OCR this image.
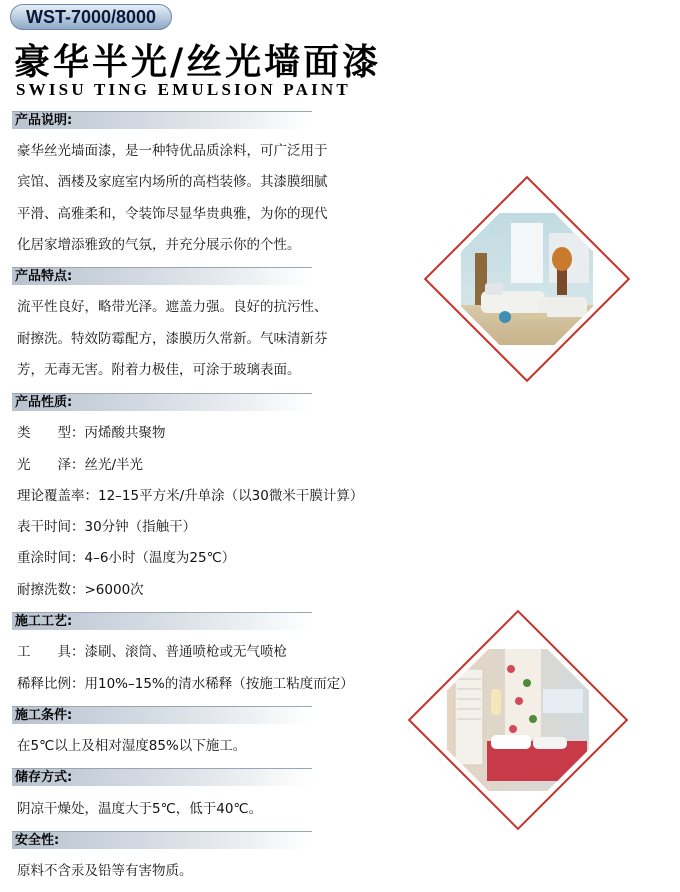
WST-7000/8000
豪华半光/丝光墙面漆
SWISU TING EMULSION PAINT
产品说明:
豪华丝光墙面漆，是一种特优品质涂料，可广泛用于
宾馆、酒楼及家庭室内场所的高档装修。其漆膜细腻
平滑、高雅柔和，令装饰尽显华贵典雅，为你的现代
化居家增添雅致的气氛，并充分展示你的个性。
产品特点:
流平性良好，略带光泽。遮盖力强。良好的抗污性、
耐擦洗。特效防霉配方，漆膜历久常新。气味清新芬
芳，无毒无害。附着力极佳，可涂于玻璃表面。
产品性质:
类　　型：丙烯酸共聚物
光　　泽：丝光/半光
理论覆盖率：12–15平方米/升单涂（以30微米干膜计算）
表干时间：30分钟（指触干）
重涂时间：4–6小时（温度为25℃）
耐擦洗数：>6000次
施工工艺:
工　　具：漆刷、滚筒、普通喷枪或无气喷枪
稀释比例：用10%–15%的清水稀释（按施工粘度而定）
施工条件:
在5℃以上及相对湿度85%以下施工。
储存方式:
阴凉干燥处，温度大于5℃，低于40℃。
安全性:
原料不含汞及铅等有害物质。
